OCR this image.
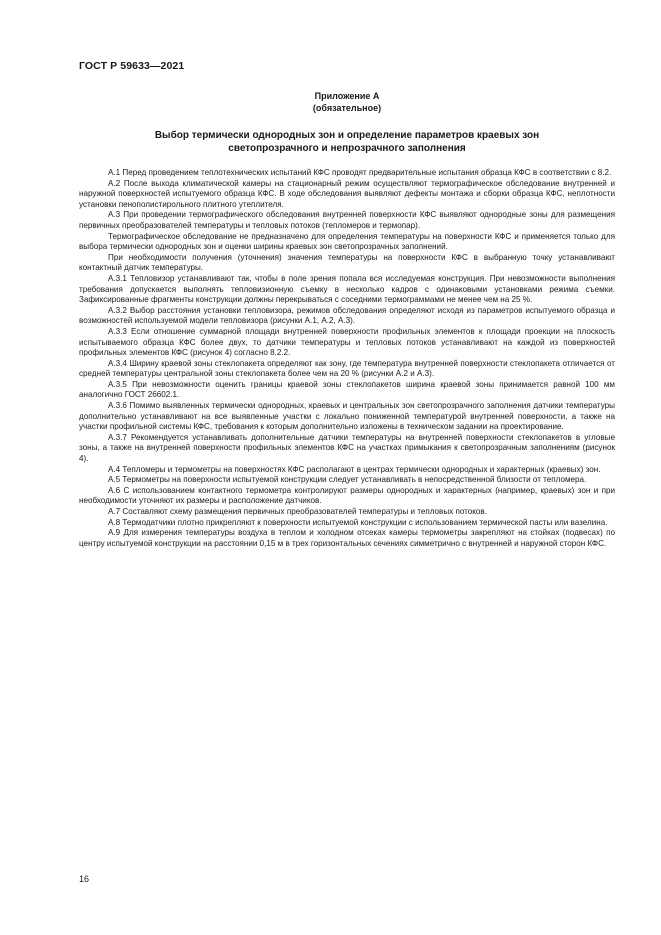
ГОСТ Р 59633—2021
Приложение А
(обязательное)
Выбор термически однородных зон и определение параметров краевых зон
светопрозрачного и непрозрачного заполнения

А.1 Перед проведением теплотехнических испытаний КФС проводят предварительные испытания образца КФС в соответствии с 8.2.

А.2 После выхода климатической камеры на стационарный режим осуществляют термографическое обследование внутренней и наружной поверхностей испытуемого образца КФС. В ходе обследования выявляют дефекты монтажа и сборки образца КФС, неплотности установки пенополистирольного плитного утеплителя.

А.3 При проведении термографического обследования внутренней поверхности КФС выявляют однородные зоны для размещения первичных преобразователей температуры и тепловых потоков (тепломеров и термопар).

Термографическое обследование не предназначено для определения температуры на поверхности КФС и применяется только для выбора термически однородных зон и оценки ширины краевых зон светопрозрачных заполнений.

При необходимости получения (уточнения) значения температуры на поверхности КФС в выбранную точку устанавливают контактный датчик температуры.

А.3.1 Тепловизор устанавливают так, чтобы в поле зрения попала вся исследуемая конструкция. При невозможности выполнения требования допускается выполнять тепловизионную съемку в несколько кадров с одинаковыми установками режима съемки. Зафиксированные фрагменты конструкции должны перекрываться с соседними термограммами не менее чем на 25 %.

А.3.2 Выбор расстояния установки тепловизора, режимов обследования определяют исходя из параметров испытуемого образца и возможностей используемой модели тепловизора (рисунки А.1, А.2, А.3).

А.3.3 Если отношение суммарной площади внутренней поверхности профильных элементов к площади проекции на плоскость испытываемого образца КФС более двух, то датчики температуры и тепловых потоков устанавливают на каждой из поверхностей профильных элементов КФС (рисунок 4) согласно 8.2.2.

А.3.4 Ширину краевой зоны стеклопакета определяют как зону, где температура внутренней поверхности стеклопакета отличается от средней температуры центральной зоны стеклопакета более чем на 20 % (рисунки А.2 и А.3).

А.3.5 При невозможности оценить границы краевой зоны стеклопакетов ширина краевой зоны принимается равной 100 мм аналогично ГОСТ 26602.1.

А.3.6 Помимо выявленных термически однородных, краевых и центральных зон светопрозрачного заполнения датчики температуры дополнительно устанавливают на все выявленные участки с локально пониженной температурой внутренней поверхности, а также на участки профильной системы КФС, требования к которым дополнительно изложены в техническом задании на проектирование.

А.3.7 Рекомендуется устанавливать дополнительные датчики температуры на внутренней поверхности стеклопакетов в угловые зоны, а также на внутренней поверхности профильных элементов КФС на участках примыкания к светопрозрачным заполнениям (рисунок 4).

А.4 Тепломеры и термометры на поверхностях КФС располагают в центрах термически однородных и характерных (краевых) зон.

А.5 Термометры на поверхности испытуемой конструкции следует устанавливать в непосредственной близости от тепломера.

А.6 С использованием контактного термометра контролируют размеры однородных и характерных (например, краевых) зон и при необходимости уточняют их размеры и расположение датчиков.

А.7 Составляют схему размещения первичных преобразователей температуры и тепловых потоков.

А.8 Термодатчики плотно прикрепляют к поверхности испытуемой конструкции с использованием термической пасты или вазелина.

А.9 Для измерения температуры воздуха в теплом и холодном отсеках камеры термометры закрепляют на стойках (подвесах) по центру испытуемой конструкции на расстоянии 0,15 м в трех горизонтальных сечениях симметрично с внутренней и наружной сторон КФС.

16
